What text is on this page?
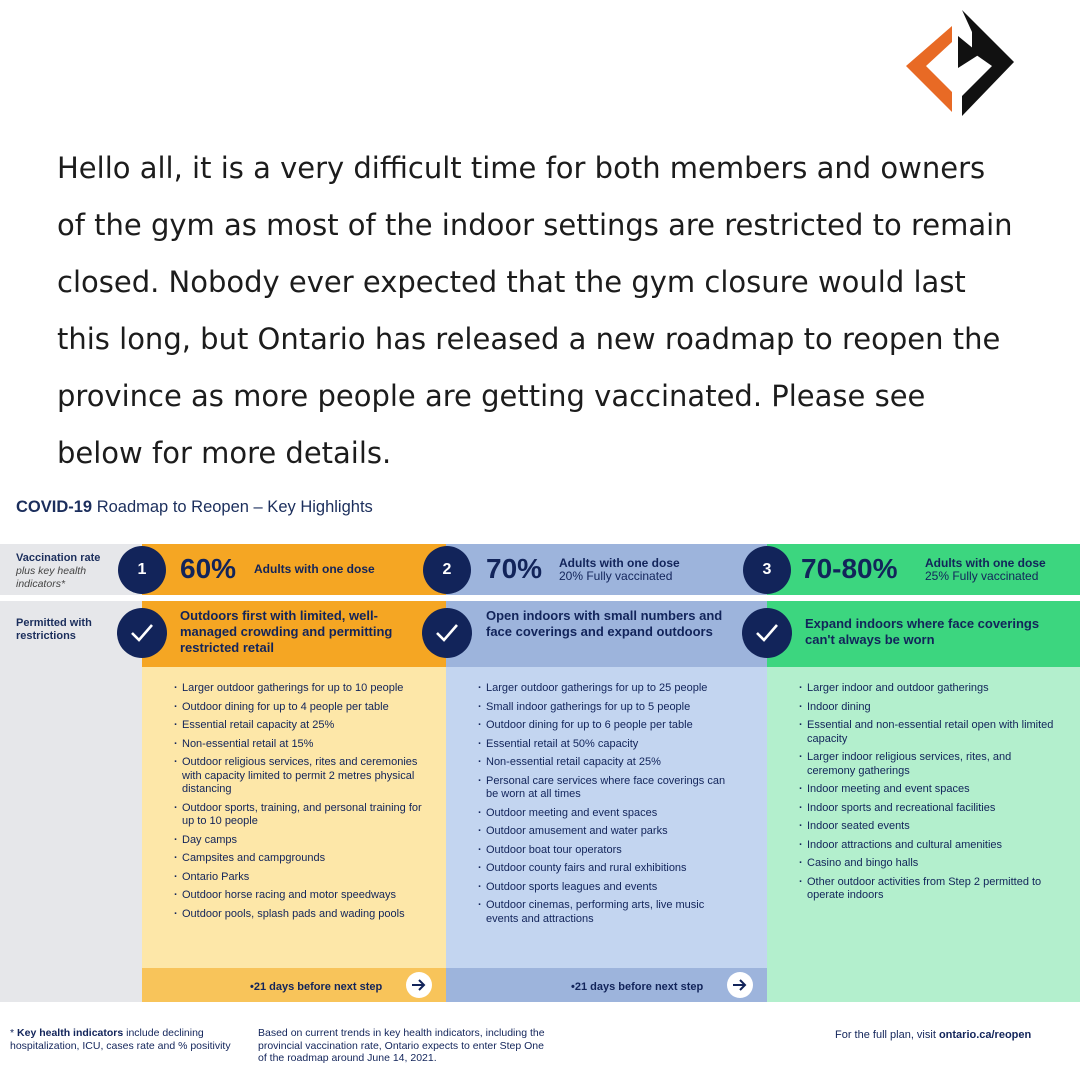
Hello all, it is a very difficult time for both members and owners of the gym as most of the indoor settings are restricted to remain closed. Nobody ever expected that the gym closure would last this long, but Ontario has released a new roadmap to reopen the province as more people are getting vaccinated. Please see below for more details.

COVID-19 Roadmap to Reopen – Key Highlights
Vaccination rate
plus key health
indicators*
Permitted with
restrictions
60% Adults with one dose
Outdoors first with limited, well-managed crowding and permitting restricted retail
· Larger outdoor gatherings for up to 10 people
· Outdoor dining for up to 4 people per table
· Essential retail capacity at 25%
· Non-essential retail at 15%
· Outdoor religious services, rites and ceremonies with capacity limited to permit 2 metres physical distancing
· Outdoor sports, training, and personal training for up to 10 people
· Day camps
· Campsites and campgrounds
· Ontario Parks
· Outdoor horse racing and motor speedways
· Outdoor pools, splash pads and wading pools
•21 days before next step
70% Adults with one dose
20% Fully vaccinated
Open indoors with small numbers and face coverings and expand outdoors
· Larger outdoor gatherings for up to 25 people
· Small indoor gatherings for up to 5 people
· Outdoor dining for up to 6 people per table
· Essential retail at 50% capacity
· Non-essential retail capacity at 25%
· Personal care services where face coverings can be worn at all times
· Outdoor meeting and event spaces
· Outdoor amusement and water parks
· Outdoor boat tour operators
· Outdoor county fairs and rural exhibitions
· Outdoor sports leagues and events
· Outdoor cinemas, performing arts, live music events and attractions
•21 days before next step
70-80% Adults with one dose
25% Fully vaccinated
Expand indoors where face coverings can't always be worn
· Larger indoor and outdoor gatherings
· Indoor dining
· Essential and non-essential retail open with limited capacity
· Larger indoor religious services, rites, and ceremony gatherings
· Indoor meeting and event spaces
· Indoor sports and recreational facilities
· Indoor seated events
· Indoor attractions and cultural amenities
· Casino and bingo halls
· Other outdoor activities from Step 2 permitted to operate indoors
1	2	3
* Key health indicators include declining hospitalization, ICU, cases rate and % positivity
Based on current trends in key health indicators, including the provincial vaccination rate, Ontario expects to enter Step One of the roadmap around June 14, 2021.
For the full plan, visit ontario.ca/reopen
